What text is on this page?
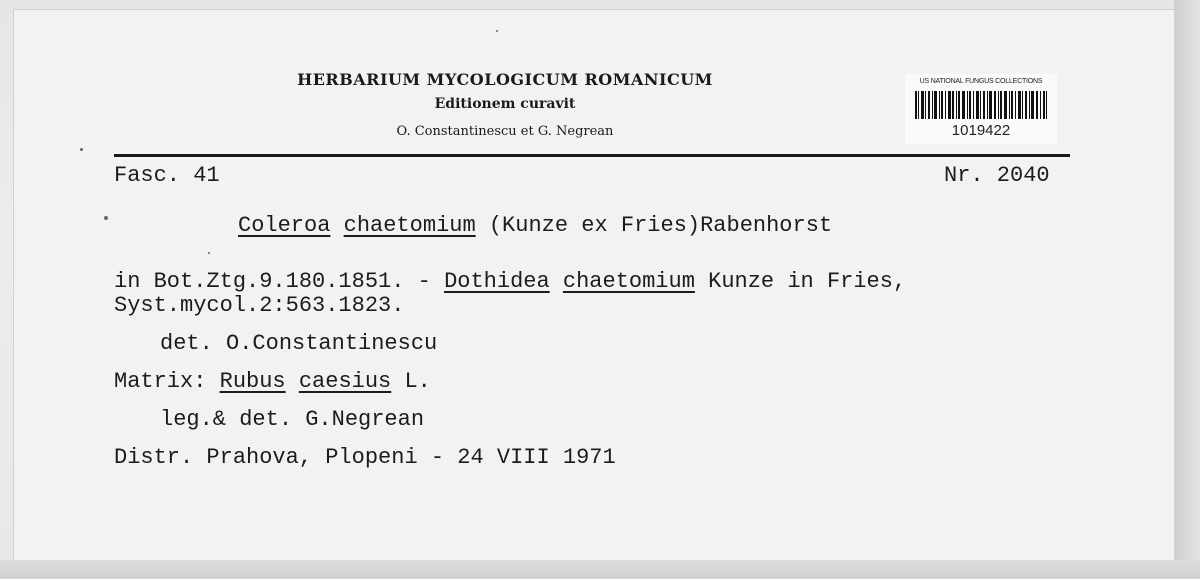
HERBARIUM MYCOLOGICUM ROMANICUM
Editionem curavit
O. Constantinescu et G. Negrean
US NATIONAL FUNGUS COLLECTIONS
1019422
Fasc. 41	Nr. 2040
Coleroa chaetomium (Kunze ex Fries)Rabenhorst
in Bot.Ztg.9.180.1851. - Dothidea chaetomium Kunze in Fries,
Syst.mycol.2:563.1823.
det. O.Constantinescu
Matrix: Rubus caesius L.
leg.& det. G.Negrean
Distr. Prahova, Plopeni - 24 VIII 1971
